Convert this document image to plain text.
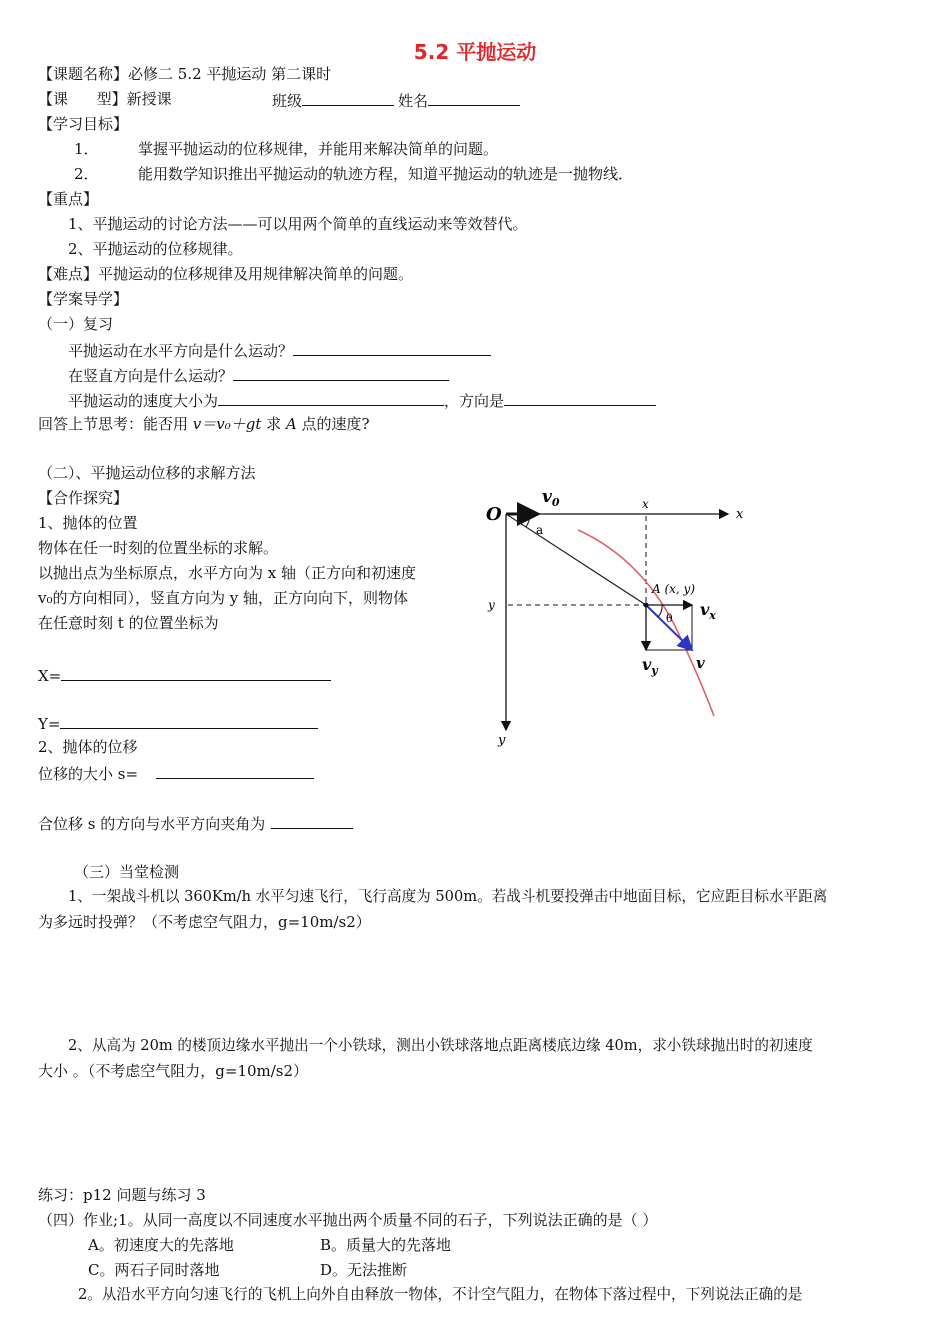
5.2 平抛运动
【课题名称】必修二 5.2 平抛运动 第二课时
【课      型】新授课	班级	姓名
【学习目标】
1．	掌握平抛运动的位移规律，并能用来解决简单的问题。
2．	能用数学知识推出平抛运动的轨迹方程，知道平抛运动的轨迹是一抛物线．
【重点】
1、平抛运动的讨论方法——可以用两个简单的直线运动来等效替代。
2、平抛运动的位移规律。
【难点】平抛运动的位移规律及用规律解决简单的问题。
【学案导学】
（一）复习
平抛运动在水平方向是什么运动？
在竖直方向是什么运动？
平抛运动的速度大小为	，方向是
回答上节思考：能否用 v＝v₀＋gt 求 A 点的速度?
（二）、平抛运动位移的求解方法
【合作探究】
1、抛体的位置
物体在任一时刻的位置坐标的求解。
以抛出点为坐标原点，水平方向为 x 轴（正方向和初速度
v₀的方向相同），竖直方向为 y 轴，正方向向下，则物体
在任意时刻 t 的位置坐标为
X=
Y=
2、抛体的位移
位移的大小 s=
合位移 s 的方向与水平方向夹角为
O
$v_0$
x
y
x
y
a
A (x, y)
θ $v_x$
$v_y$	v
（三）当堂检测
1、一架战斗机以 360Km/h 水平匀速飞行，飞行高度为 500m。若战斗机要投弹击中地面目标，它应距目标水平距离
为多远时投弹？（不考虑空气阻力，g=10m/s2）
2、从高为 20m 的楼顶边缘水平抛出一个小铁球，测出小铁球落地点距离楼底边缘 40m，求小铁球抛出时的初速度
大小 。（不考虑空气阻力，g=10m/s2）
练习：p12 问题与练习 3
（四）作业;1。从同一高度以不同速度水平抛出两个质量不同的石子，下列说法正确的是（ ）
A。初速度大的先落地	B。质量大的先落地
C。两石子同时落地	D。无法推断
2。从沿水平方向匀速飞行的飞机上向外自由释放一物体，不计空气阻力，在物体下落过程中，下列说法正确的是
